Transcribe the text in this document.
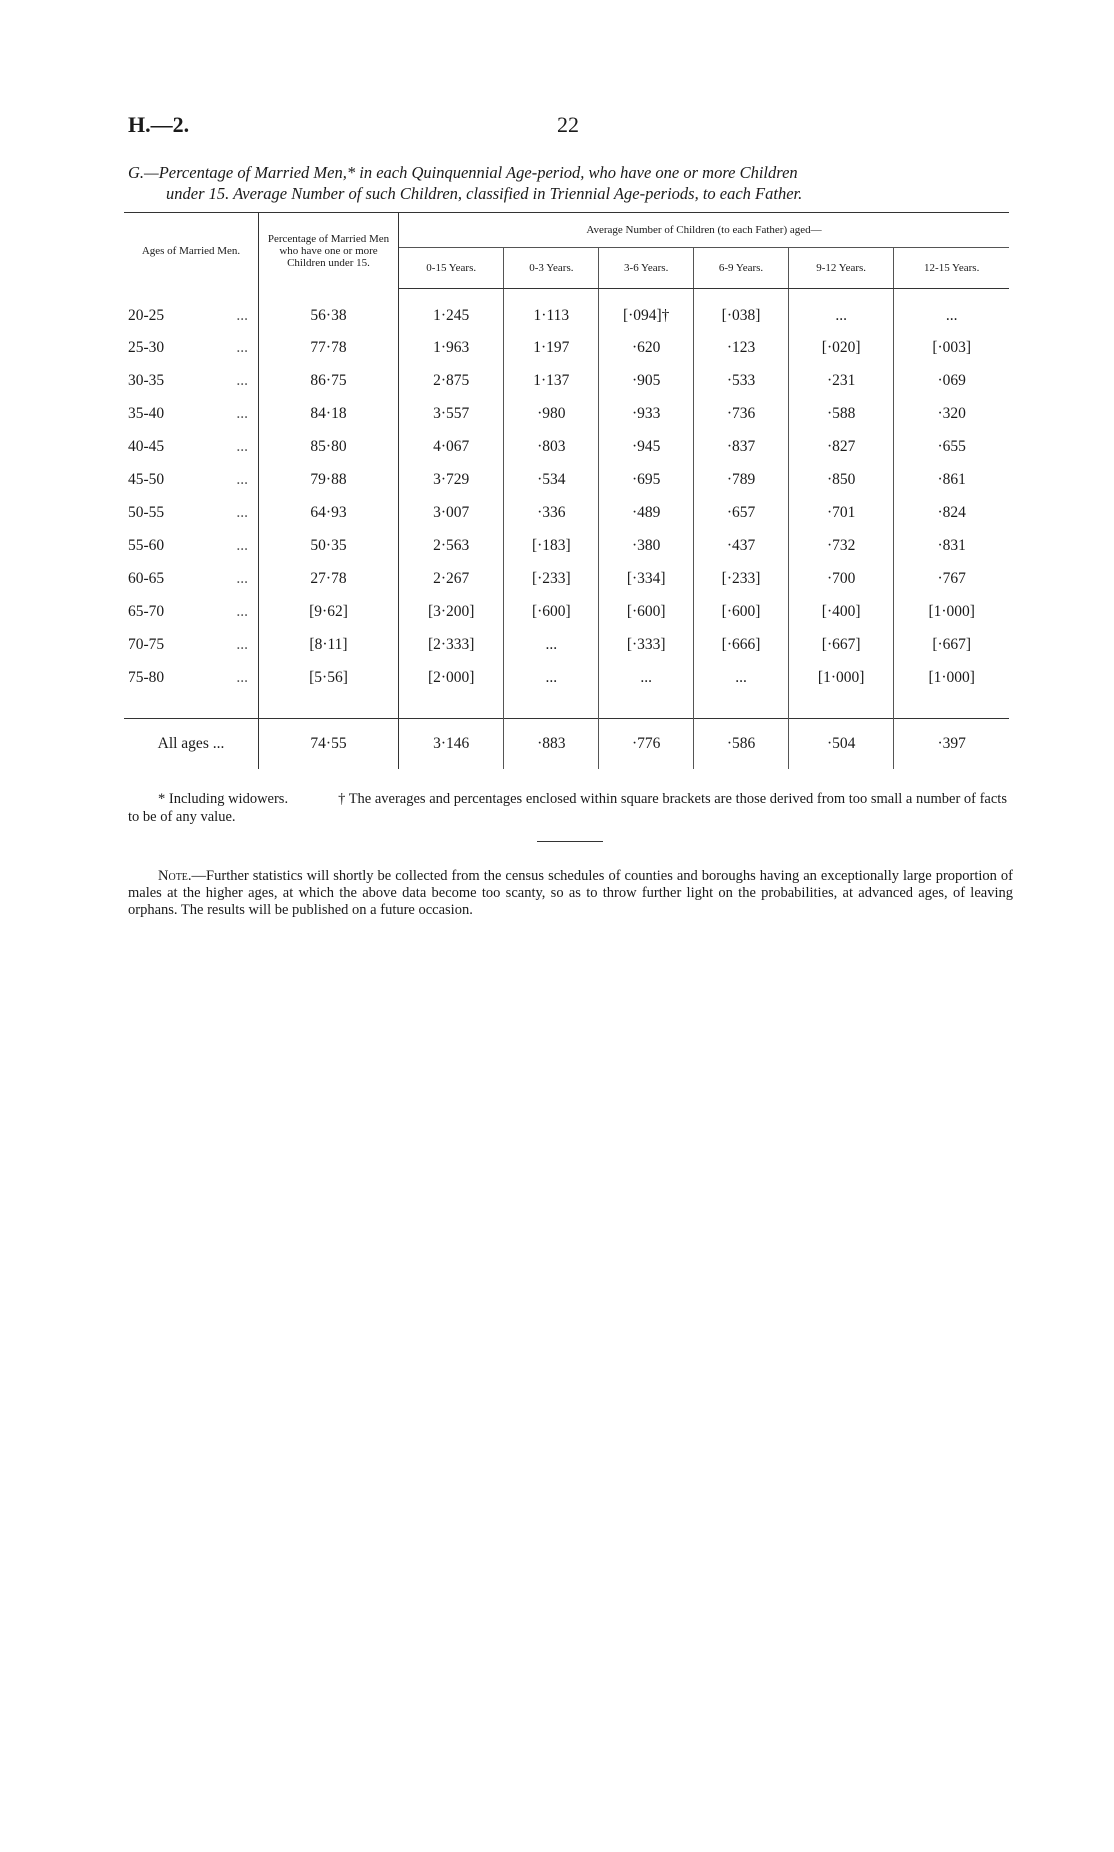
H.—2.	22
G.—Percentage of Married Men,* in each Quinquennial Age-period, who have one or more Children
under 15. Average Number of such Children, classified in Triennial Age-periods, to each Father.
Ages of Married Men.	Percentage of Married Men who have one or more Children under 15.	Average Number of Children (to each Father) aged—					
		0-15 Years.	0-3 Years.	3-6 Years.	6-9 Years.	9-12 Years.	12-15 Years.
20-25 ...	56·38	1·245	1·113	[·094]†	[·038]	...	...
25-30 ...	77·78	1·963	1·197	·620	·123	[·020]	[·003]
30-35 ...	86·75	2·875	1·137	·905	·533	·231	·069
35-40 ...	84·18	3·557	·980	·933	·736	·588	·320
40-45 ...	85·80	4·067	·803	·945	·837	·827	·655
45-50 ...	79·88	3·729	·534	·695	·789	·850	·861
50-55 ...	64·93	3·007	·336	·489	·657	·701	·824
55-60 ...	50·35	2·563	[·183]	·380	·437	·732	·831
60-65 ...	27·78	2·267	[·233]	[·334]	[·233]	·700	·767
65-70 ...	[9·62]	[3·200]	[·600]	[·600]	[·600]	[·400]	[1·000]
70-75 ...	[8·11]	[2·333]	...	[·333]	[·666]	[·667]	[·667]
75-80 ...	[5·56]	[2·000]	...	...	...	[1·000]	[1·000]

All ages ...	74·55	3·146	·883	·776	·586	·504	·397
* Including widowers.	† The averages and percentages enclosed within square brackets are those derived from too small a number of facts to be of any value.
Note.—Further statistics will shortly be collected from the census schedules of counties and boroughs having an exceptionally large proportion of males at the higher ages, at which the above data become too scanty, so as to throw further light on the probabilities, at advanced ages, of leaving orphans. The results will be published on a future occasion.
